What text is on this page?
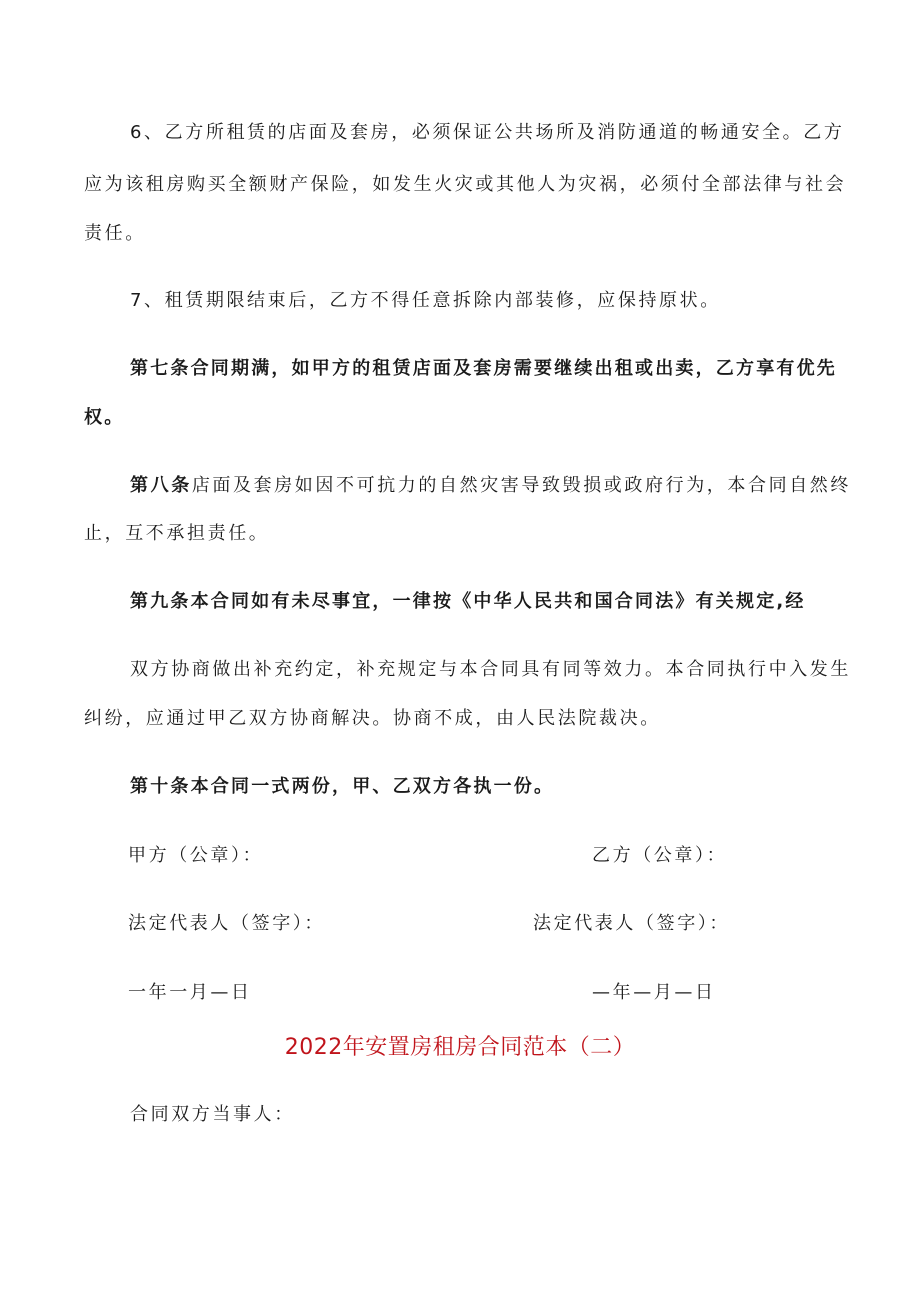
6、乙方所租赁的店面及套房，必须保证公共场所及消防通道的畅通安全。乙方
应为该租房购买全额财产保险，如发生火灾或其他人为灾祸，必须付全部法律与社会
责任。
7、租赁期限结束后，乙方不得任意拆除内部装修，应保持原状。
第七条合同期满，如甲方的租赁店面及套房需要继续出租或出卖，乙方享有优先
权。
第八条店面及套房如因不可抗力的自然灾害导致毁损或政府行为，本合同自然终
止，互不承担责任。
第九条本合同如有未尽事宜，一律按《中华人民共和国合同法》有关规定,经
双方协商做出补充约定，补充规定与本合同具有同等效力。本合同执行中入发生
纠纷，应通过甲乙双方协商解决。协商不成，由人民法院裁决。
第十条本合同一式两份，甲、乙双方各执一份。
甲方（公章）：	乙方（公章）：
法定代表人（签字）：	法定代表人（签字）：
一年一月—日	—年—月—日
2022年安置房租房合同范本（二）
合同双方当事人：
